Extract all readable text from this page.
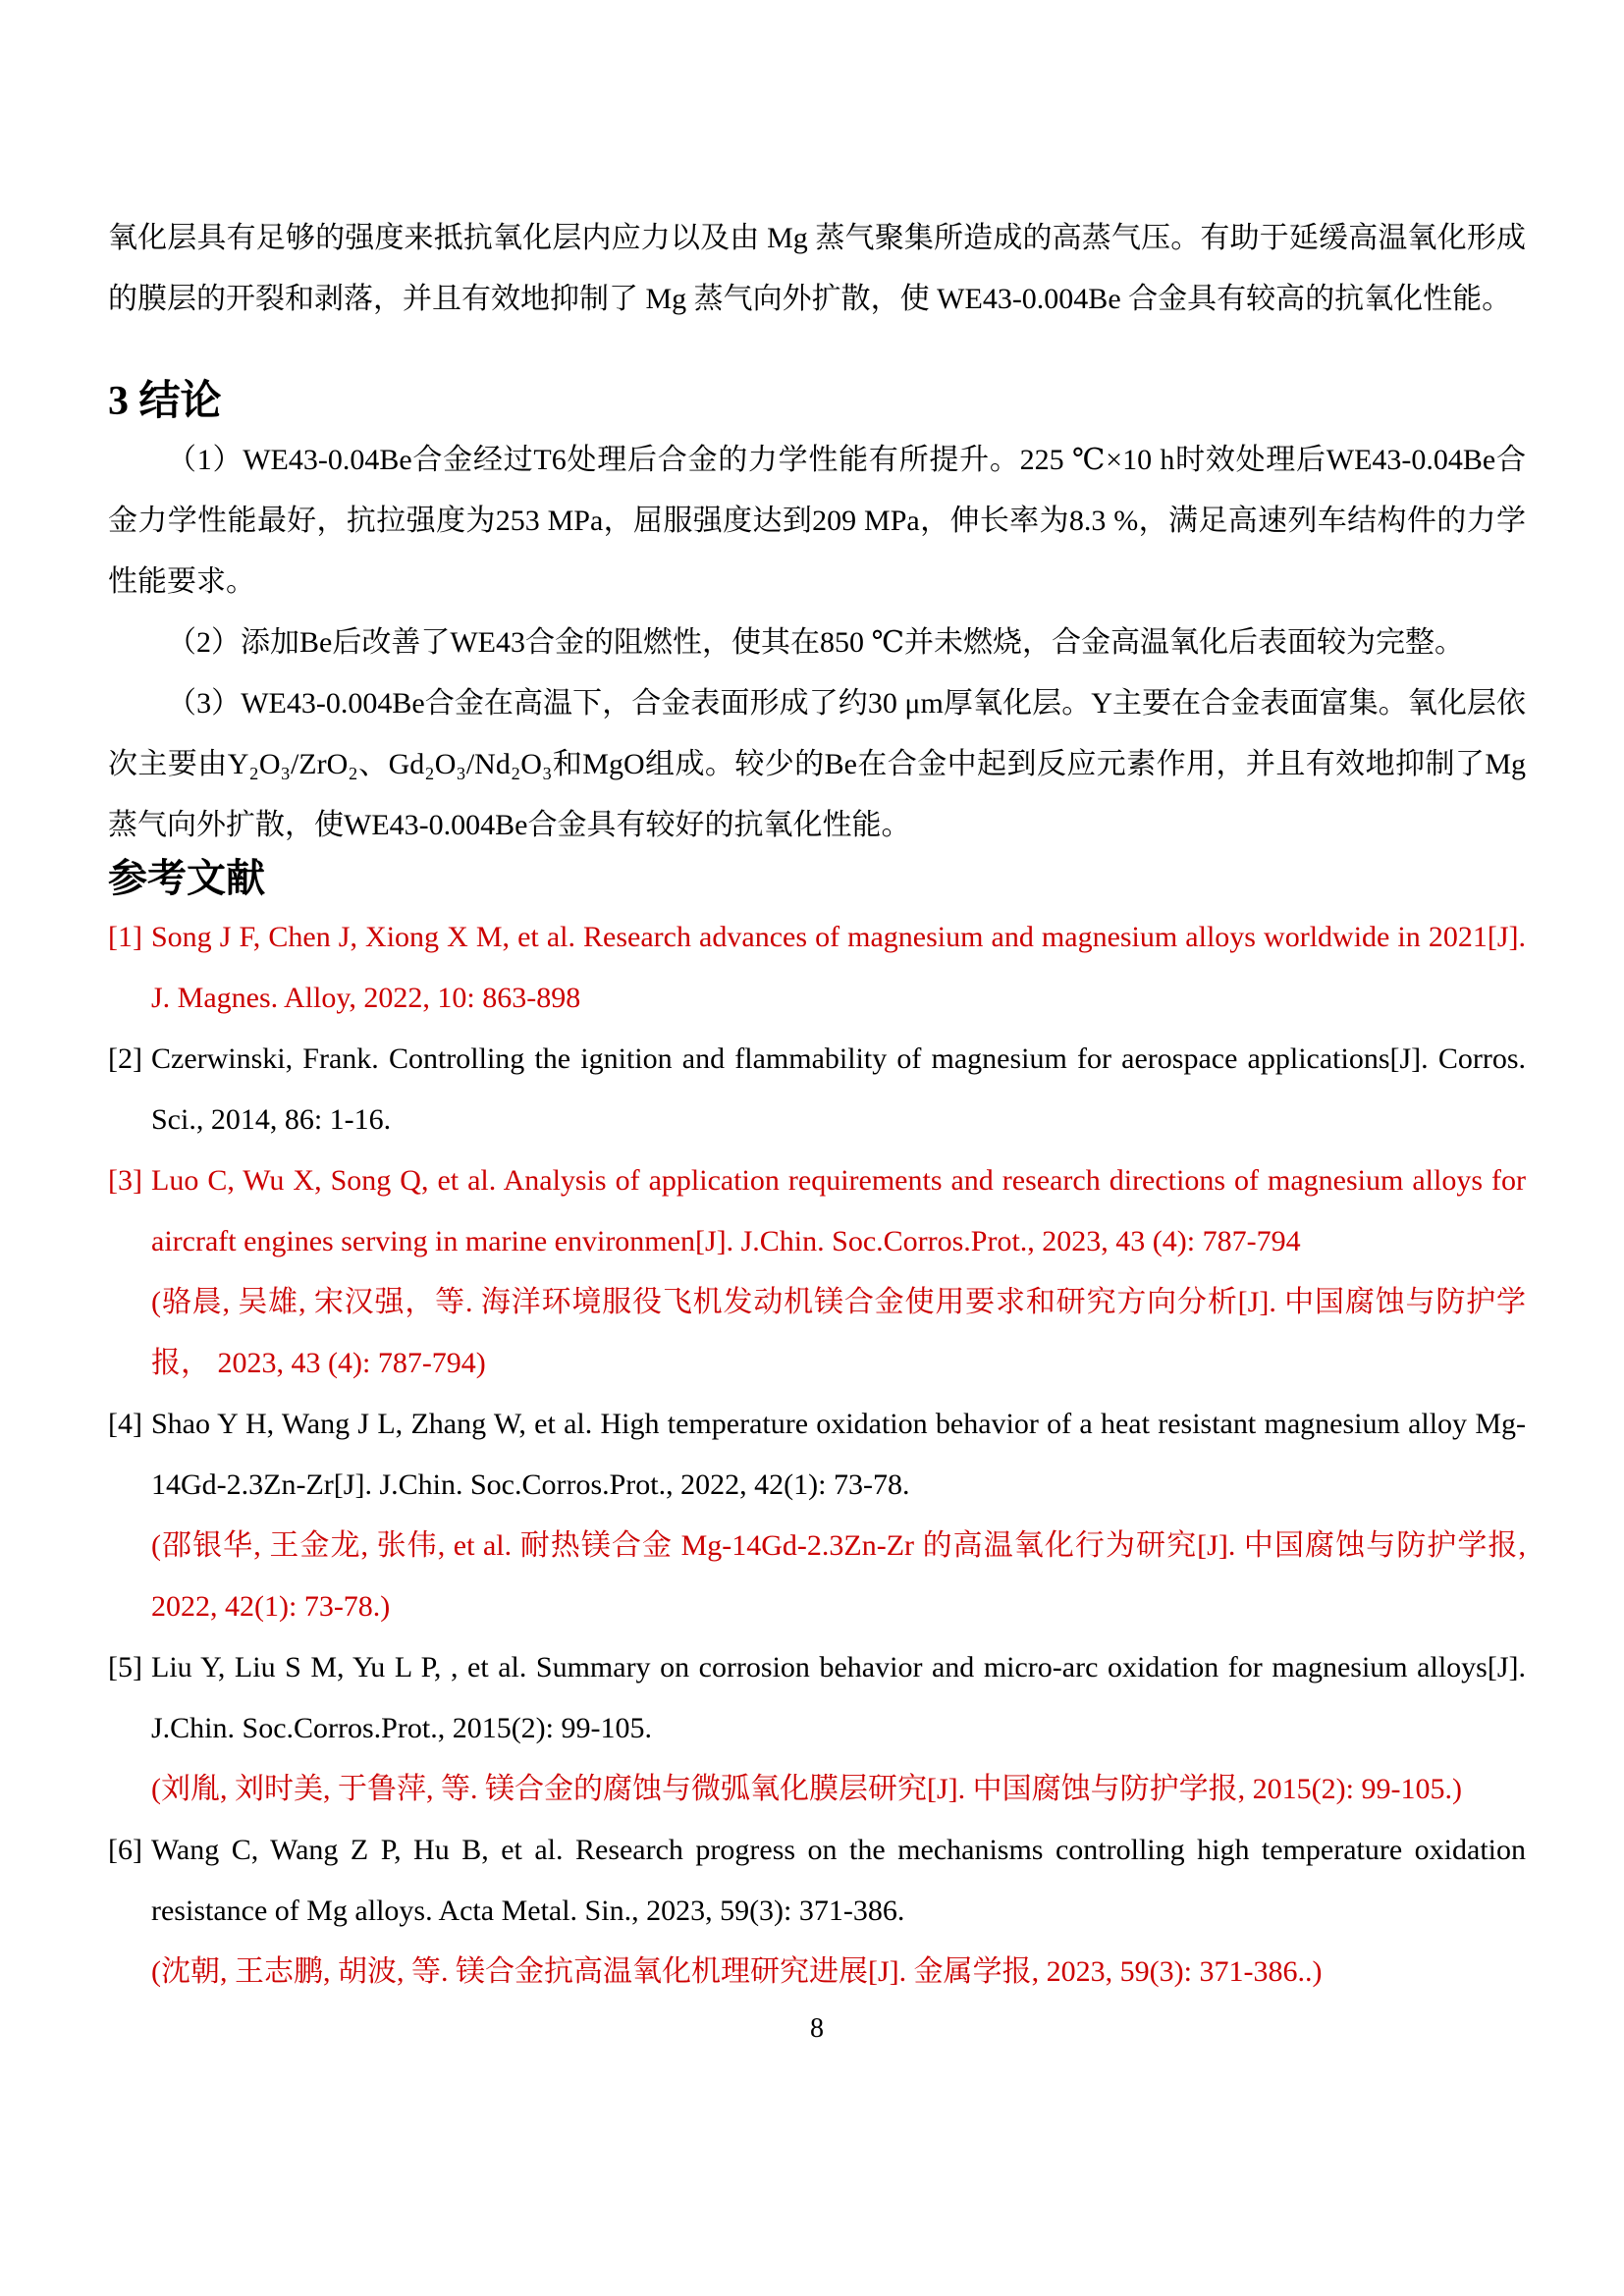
氧化层具有足够的强度来抵抗氧化层内应力以及由 Mg 蒸气聚集所造成的高蒸气压。有助于延缓高温氧化形成的膜层的开裂和剥落，并且有效地抑制了 Mg 蒸气向外扩散，使 WE43-0.004Be 合金具有较高的抗氧化性能。

3 结论

（1）WE43-0.04Be合金经过T6处理后合金的力学性能有所提升。225 ℃×10 h时效处理后WE43-0.04Be合金力学性能最好，抗拉强度为253 MPa，屈服强度达到209 MPa，伸长率为8.3 %，满足高速列车结构件的力学性能要求。

（2）添加Be后改善了WE43合金的阻燃性，使其在850 ℃并未燃烧，合金高温氧化后表面较为完整。

（3）WE43-0.004Be合金在高温下，合金表面形成了约30 μm厚氧化层。Y主要在合金表面富集。氧化层依次主要由Y₂O₃/ZrO₂、Gd₂O₃/Nd₂O₃和MgO组成。较少的Be在合金中起到反应元素作用，并且有效地抑制了Mg蒸气向外扩散，使WE43-0.004Be合金具有较好的抗氧化性能。

参考文献
[1] Song J F, Chen J, Xiong X M, et al. Research advances of magnesium and magnesium alloys worldwide in 2021[J]. J. Magnes. Alloy, 2022, 10: 863-898
[2] Czerwinski, Frank. Controlling the ignition and flammability of magnesium for aerospace applications[J]. Corros. Sci., 2014, 86: 1-16.
[3] Luo C, Wu X, Song Q, et al. Analysis of application requirements and research directions of magnesium alloys for aircraft engines serving in marine environmen[J]. J.Chin. Soc.Corros.Prot., 2023, 43 (4): 787-794
(骆晨, 吴雄, 宋汉强，等. 海洋环境服役飞机发动机镁合金使用要求和研究方向分析[J]. 中国腐蚀与防护学报， 2023, 43 (4): 787-794)
[4] Shao Y H, Wang J L, Zhang W, et al. High temperature oxidation behavior of a heat resistant magnesium alloy Mg-14Gd-2.3Zn-Zr[J]. J.Chin. Soc.Corros.Prot., 2022, 42(1): 73-78.
(邵银华, 王金龙, 张伟, et al. 耐热镁合金 Mg-14Gd-2.3Zn-Zr 的高温氧化行为研究[J]. 中国腐蚀与防护学报, 2022, 42(1): 73-78.)
[5] Liu Y, Liu S M, Yu L P, , et al. Summary on corrosion behavior and micro-arc oxidation for magnesium alloys[J]. J.Chin. Soc.Corros.Prot., 2015(2): 99-105.
(刘胤, 刘时美, 于鲁萍, 等. 镁合金的腐蚀与微弧氧化膜层研究[J]. 中国腐蚀与防护学报, 2015(2): 99-105.)
[6] Wang C, Wang Z P, Hu B, et al. Research progress on the mechanisms controlling high temperature oxidation resistance of Mg alloys. Acta Metal. Sin., 2023, 59(3): 371-386.
(沈朝, 王志鹏, 胡波, 等. 镁合金抗高温氧化机理研究进展[J]. 金属学报, 2023, 59(3): 371-386..)
8
